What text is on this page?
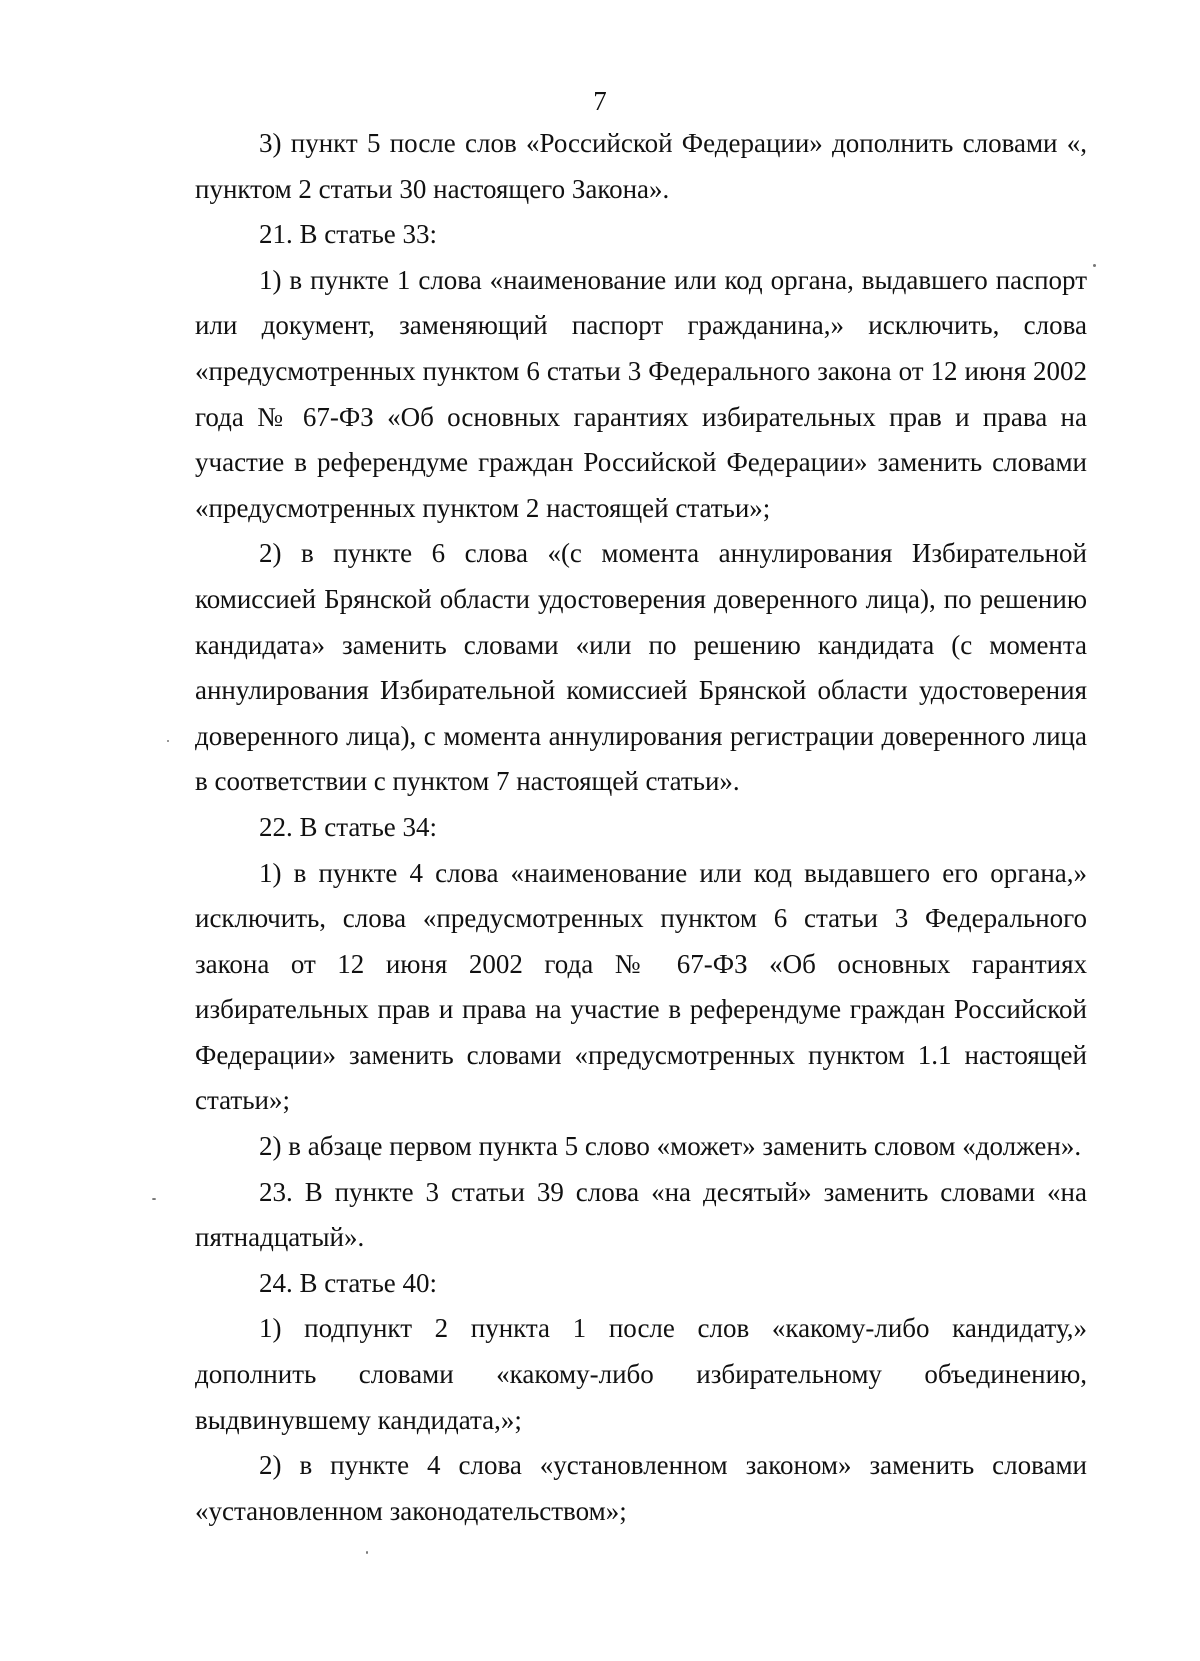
7

3) пункт 5 после слов «Российской Федерации» дополнить словами «, пунктом 2 статьи 30 настоящего Закона».

21. В статье 33:

1) в пункте 1 слова «наименование или код органа, выдавшего паспорт или документ, заменяющий паспорт гражданина,» исключить, слова «предусмотренных пунктом 6 статьи 3 Федерального закона от 12 июня 2002 года № 67-ФЗ «Об основных гарантиях избирательных прав и права на участие в референдуме граждан Российской Федерации» заменить словами «предусмотренных пунктом 2 настоящей статьи»;

2) в пункте 6 слова «(с момента аннулирования Избирательной комиссией Брянской области удостоверения доверенного лица), по решению кандидата» заменить словами «или по решению кандидата (с момента аннулирования Избирательной комиссией Брянской области удостоверения доверенного лица), с момента аннулирования регистрации доверенного лица в соответствии с пунктом 7 настоящей статьи».

22. В статье 34:

1) в пункте 4 слова «наименование или код выдавшего его органа,» исключить, слова «предусмотренных пунктом 6 статьи 3 Федерального закона от 12 июня 2002 года № 67-ФЗ «Об основных гарантиях избирательных прав и права на участие в референдуме граждан Российской Федерации» заменить словами «предусмотренных пунктом 1.1 настоящей статьи»;

2) в абзаце первом пункта 5 слово «может» заменить словом «должен».

23. В пункте 3 статьи 39 слова «на десятый» заменить словами «на пятнадцатый».

24. В статье 40:

1) подпункт 2 пункта 1 после слов «какому-либо кандидату,» дополнить словами «какому-либо избирательному объединению, выдвинувшему кандидата,»;

2) в пункте 4 слова «установленном законом» заменить словами «установленном законодательством»;
